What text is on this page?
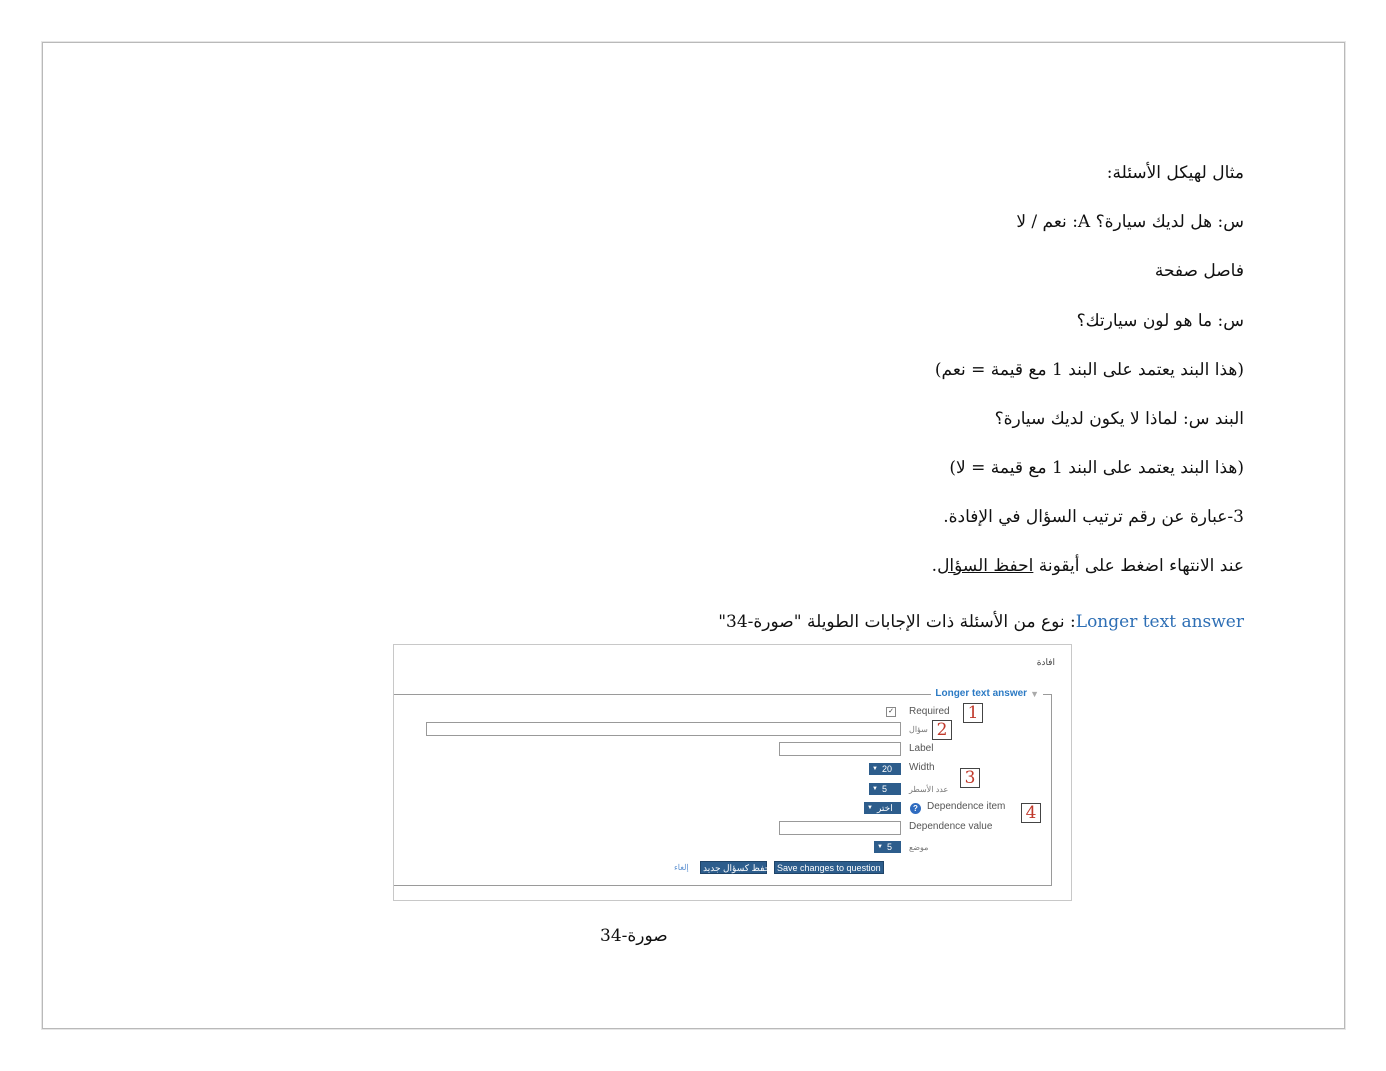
مثال لهيكل الأسئلة:
س: هل لديك سيارة؟ A: نعم / لا
فاصل صفحة
س: ما هو لون سيارتك؟
(هذا البند يعتمد على البند 1 مع قيمة = نعم)
البند س: لماذا لا يكون لديك سيارة؟
(هذا البند يعتمد على البند 1 مع قيمة = لا)
3-عبارة عن رقم ترتيب السؤال في الإفادة.
عند الانتهاء اضغط على أيقونة احفظ السؤال.
Longer text answer: نوع من الأسئلة ذات الإجابات الطويلة "صورة-34"
افادة
Longer text answer ▼
✓ Required
سؤال
Label
▼ 20 Width
▼ 5	عدد الأسطر
▼ اختر	? Dependence item
Dependence value
▼ 5 موضع
Save changes to question
احفظ كسؤال جديد
إلغاء
1
2
3
4
صورة-34
